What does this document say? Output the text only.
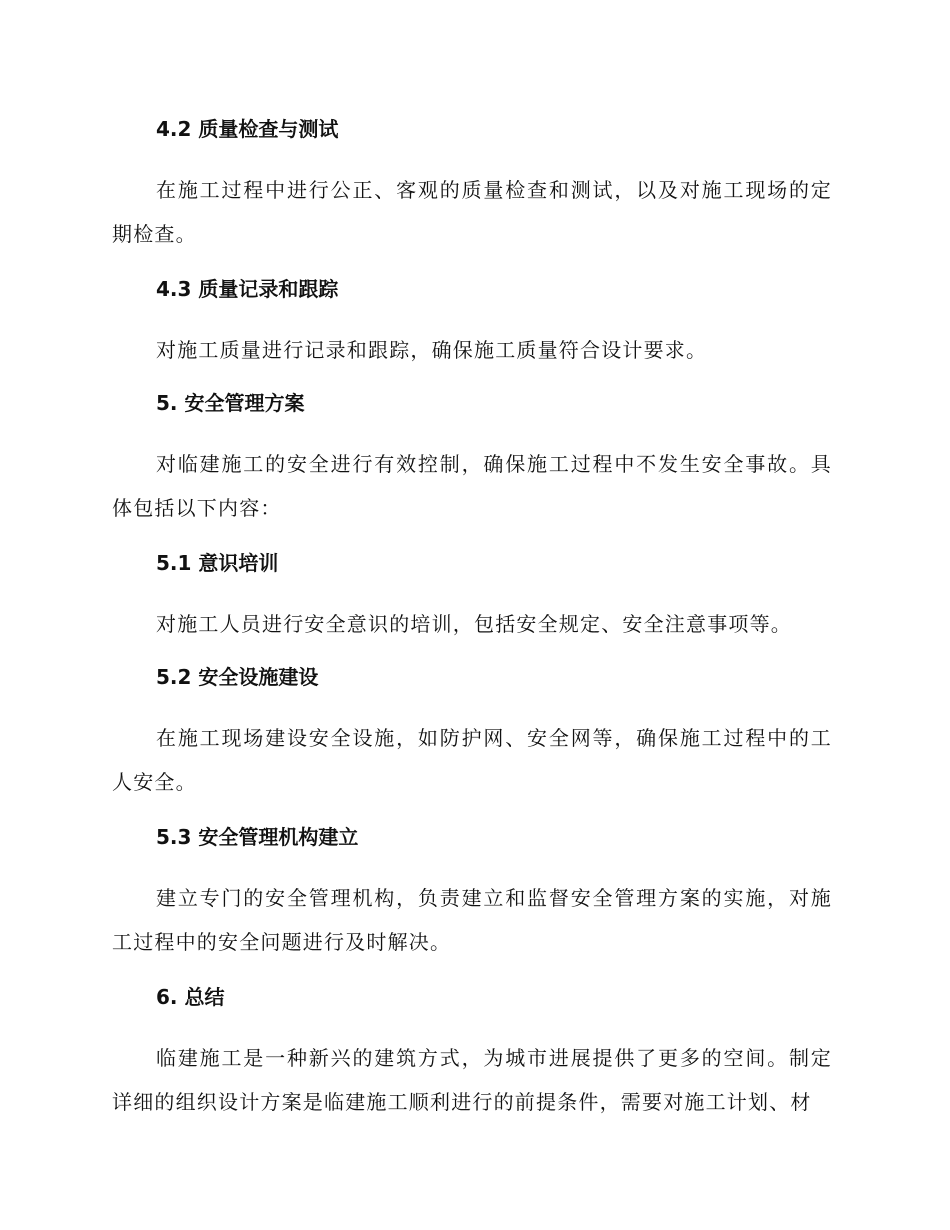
4.2 质量检查与测试
在施工过程中进行公正、客观的质量检查和测试，以及对施工现场的定期检查。
4.3 质量记录和跟踪
对施工质量进行记录和跟踪，确保施工质量符合设计要求。
5. 安全管理方案
对临建施工的安全进行有效控制，确保施工过程中不发生安全事故。具体包括以下内容：
5.1 意识培训
对施工人员进行安全意识的培训，包括安全规定、安全注意事项等。
5.2 安全设施建设
在施工现场建设安全设施，如防护网、安全网等，确保施工过程中的工人安全。
5.3 安全管理机构建立
建立专门的安全管理机构，负责建立和监督安全管理方案的实施，对施工过程中的安全问题进行及时解决。
6. 总结
临建施工是一种新兴的建筑方式，为城市进展提供了更多的空间。制定详细的组织设计方案是临建施工顺利进行的前提条件，需要对施工计划、材
